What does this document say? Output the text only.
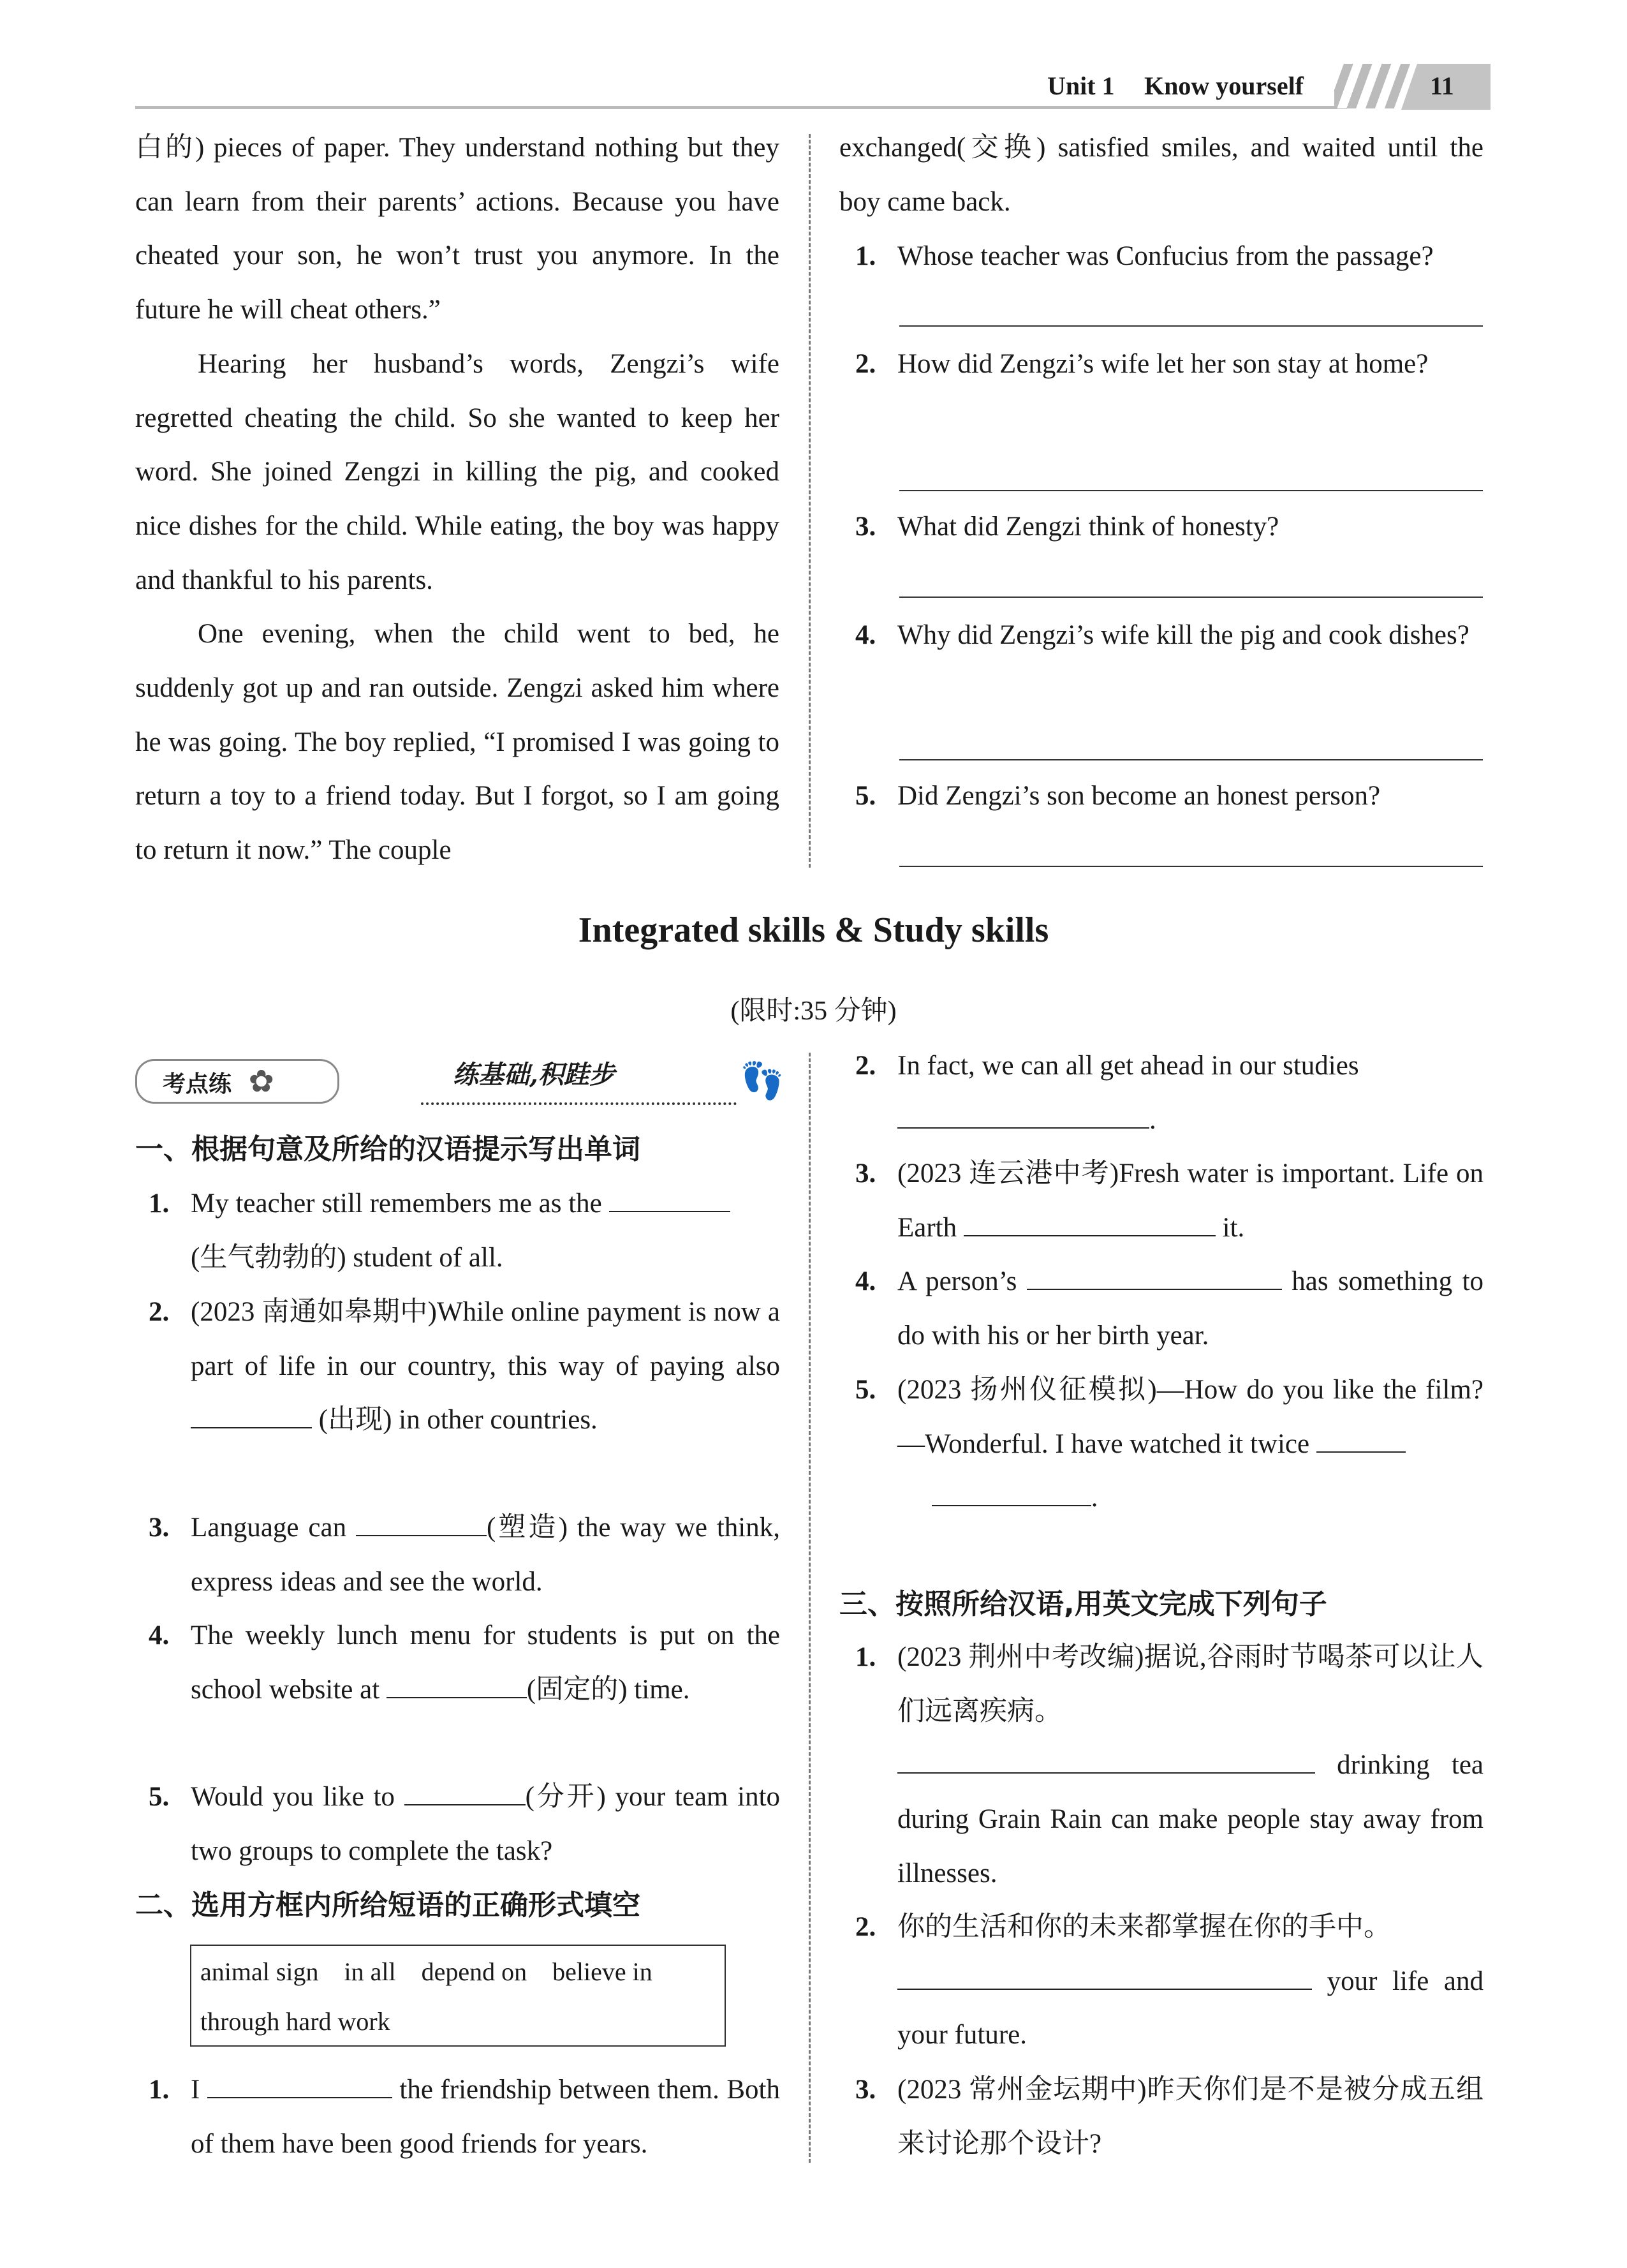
Unit 1 Know yourself	11

白的) pieces of paper. They understand nothing but they can learn from their parents’ actions. Because you have cheated your son, he won’t trust you anymore. In the future he will cheat others.”

Hearing her husband’s words, Zengzi’s wife regretted cheating the child. So she wanted to keep her word. She joined Zengzi in killing the pig, and cooked nice dishes for the child. While eating, the boy was happy and thankful to his parents.

One evening, when the child went to bed, he suddenly got up and ran outside. Zengzi asked him where he was going. The boy replied, “I promised I was going to return a toy to a friend today. But I forgot, so I am going to return it now.” The couple

exchanged(交换) satisfied smiles, and waited until the boy came back.
1. Whose teacher was Confucius from the passage?
2. How did Zengzi’s wife let her son stay at home?
3. What did Zengzi think of honesty?
4. Why did Zengzi’s wife kill the pig and cook dishes?
5. Did Zengzi’s son become an honest person?
Integrated skills & Study skills
(限时:35 分钟)
考点练 ✿	练基础,积跬步	👣
一、根据句意及所给的汉语提示写出单词
1. My teacher still remembers me as the
(生气勃勃的) student of all.
2. (2023 南通如皋期中)While online payment is now a part of life in our country, this way of paying also  (出现) in other countries.
3. Language can	(塑造) the way we think, express ideas and see the world.
4. The weekly lunch menu for students is put on the school website at	(固定的) time.
5. Would you like to	(分开) your team into two groups to complete the task?
二、选用方框内所给短语的正确形式填空
animal sign in all depend on believe in
through hard work
1. I	the friendship between them. Both of them have been good friends for years.
2. In fact, we can all get ahead in our studies
.
3. (2023 连云港中考)Fresh water is important. Life on Earth	it.
4. A person’s	has something to do with his or her birth year.
5. (2023 扬州仪征模拟)—How do you like the film? —Wonderful. I have watched it twice
.
三、按照所给汉语,用英文完成下列句子
1. (2023 荆州中考改编)据说,谷雨时节喝茶可以让人们远离疾病。
drinking tea during Grain Rain can make people stay away from illnesses.
2. 你的生活和你的未来都掌握在你的手中。
your life and your future.
3. (2023 常州金坛期中)昨天你们是不是被分成五组来讨论那个设计?
